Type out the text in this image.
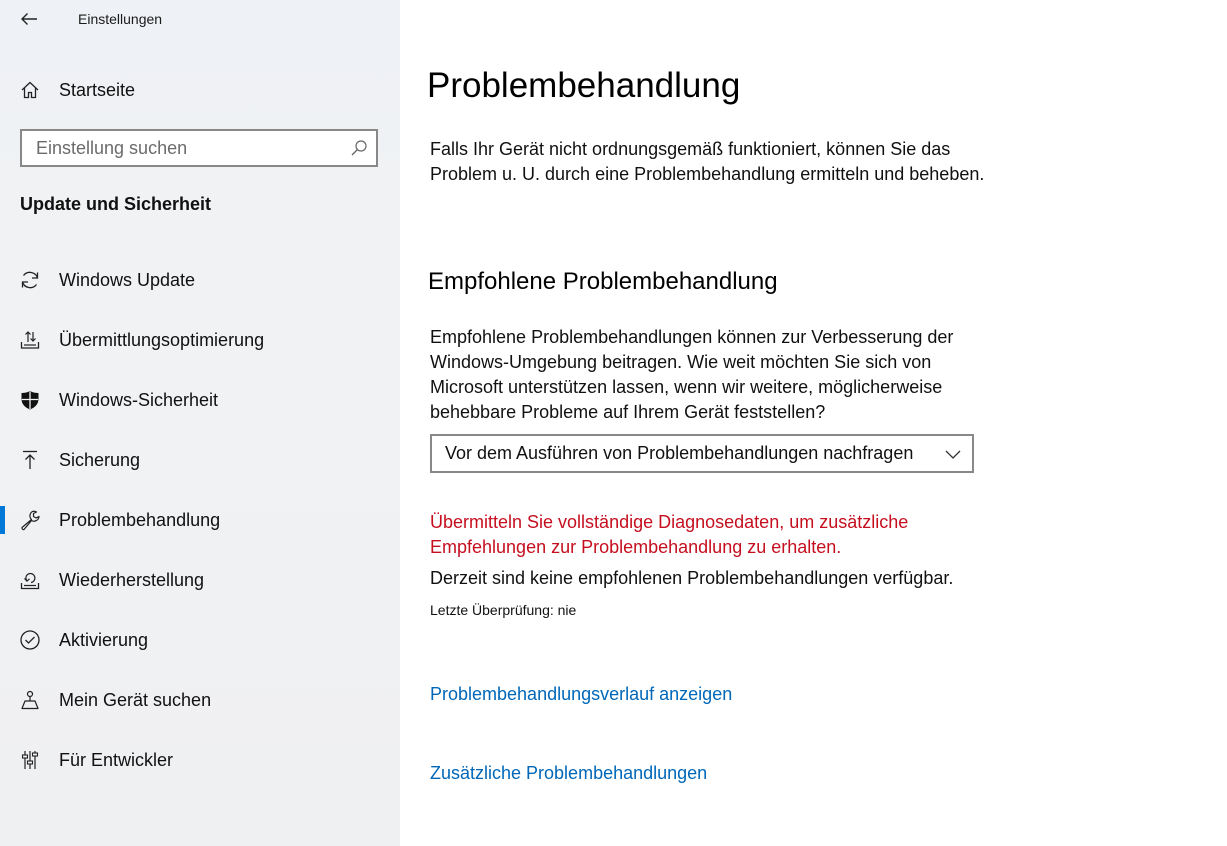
Einstellungen
Startseite
Einstellung suchen
Update und Sicherheit
Windows Update
Übermittlungsoptimierung
Windows-Sicherheit
Sicherung
Problembehandlung
Wiederherstellung
Aktivierung
Mein Gerät suchen
Für Entwickler
Problembehandlung

Falls Ihr Gerät nicht ordnungsgemäß funktioniert, können Sie das Problem u. U. durch eine Problembehandlung ermitteln und beheben.

Empfohlene Problembehandlung

Empfohlene Problembehandlungen können zur Verbesserung der Windows-Umgebung beitragen. Wie weit möchten Sie sich von Microsoft unterstützen lassen, wenn wir weitere, möglicherweise behebbare Probleme auf Ihrem Gerät feststellen?

Vor dem Ausführen von Problembehandlungen nachfragen

Übermitteln Sie vollständige Diagnosedaten, um zusätzliche Empfehlungen zur Problembehandlung zu erhalten.

Derzeit sind keine empfohlenen Problembehandlungen verfügbar.

Letzte Überprüfung: nie
Problembehandlungsverlauf anzeigen
Zusätzliche Problembehandlungen
